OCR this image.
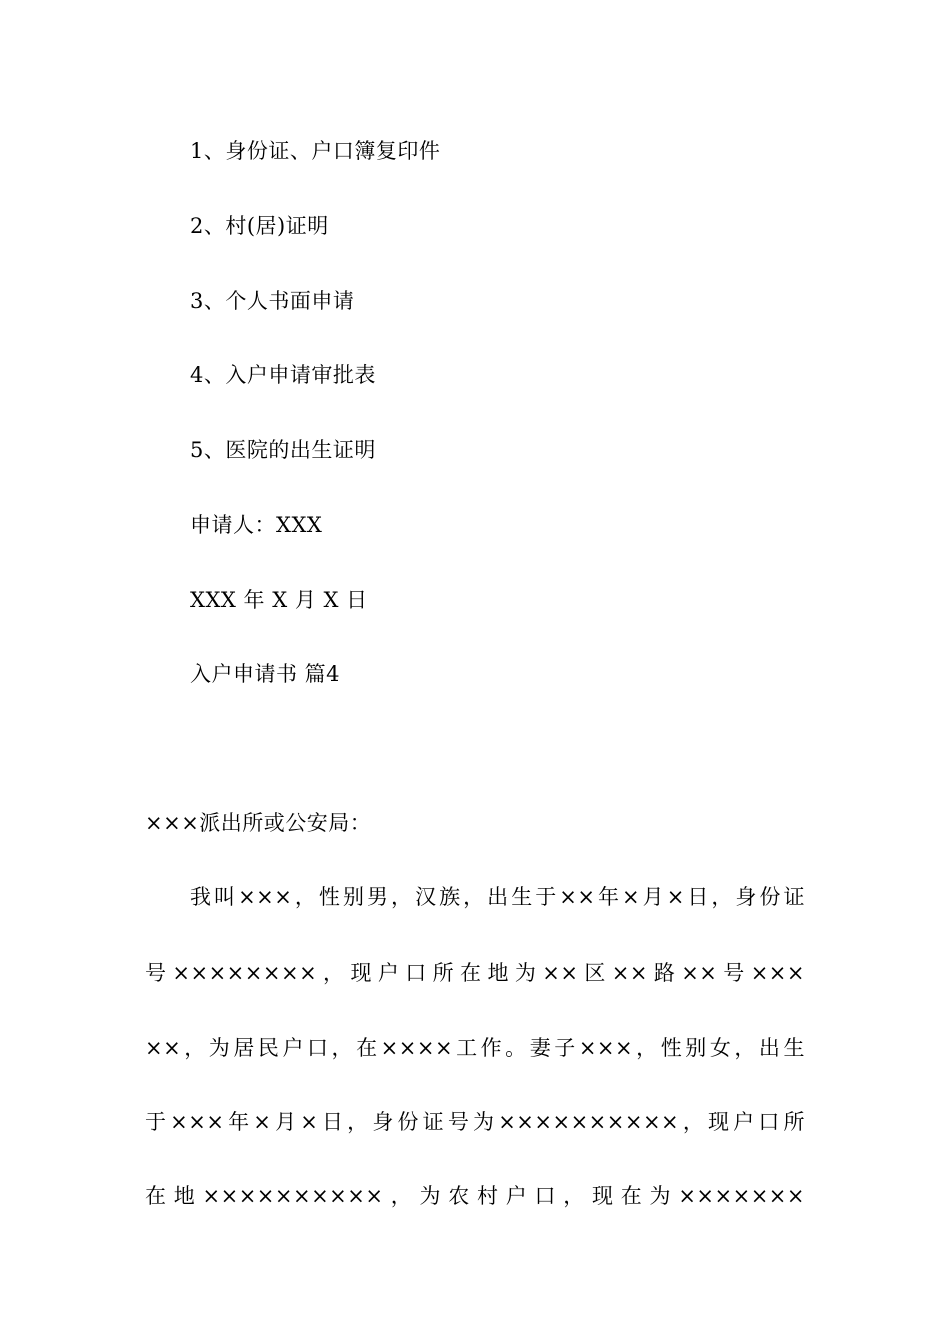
1、身份证、户口簿复印件
2、村(居)证明
3、个人书面申请
4、入户申请审批表
5、医院的出生证明
申请人：XXX
XXX 年 X 月 X 日
入户申请书 篇4
×××派出所或公安局：
我叫×××，性别男，汉族，出生于××年×月×日，身份证
号××××××××，现户口所在地为××区××路××号×××
××，为居民户口，在××××工作。妻子×××，性别女，出生
于×××年×月×日，身份证号为××××××××××，现户口所
在地××××××××××，为农村户口，现在为×××××××
